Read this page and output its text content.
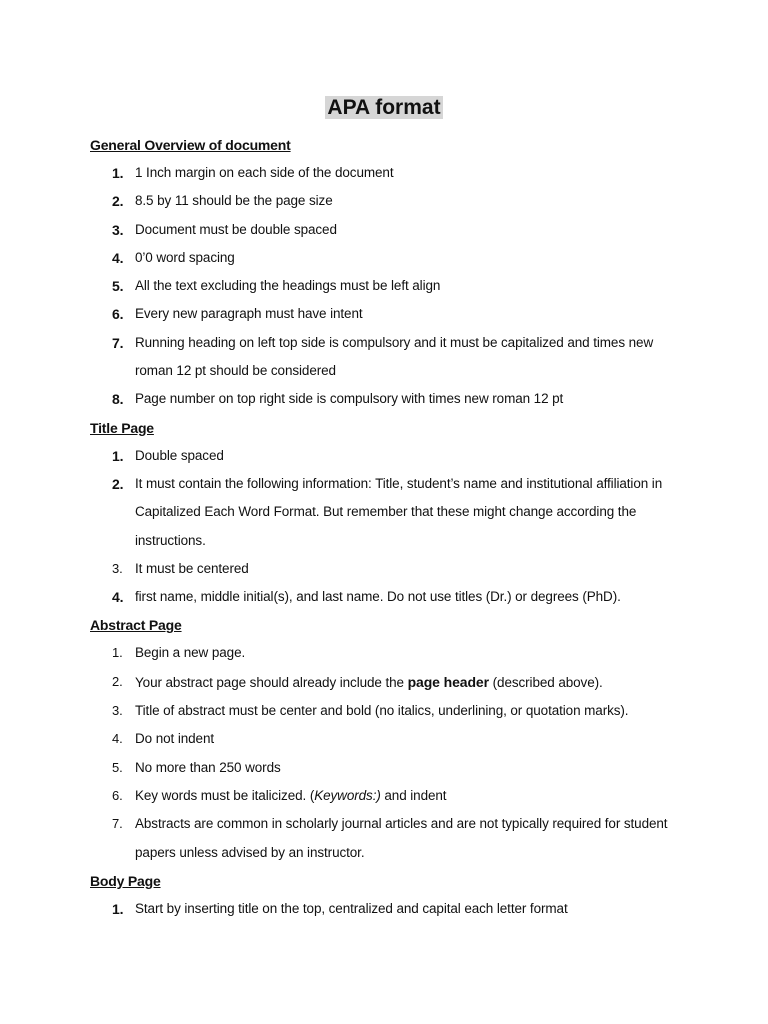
APA format
General Overview of document
1. 1 Inch margin on each side of the document
2. 8.5 by 11 should be the page size
3. Document must be double spaced
4. 0’0 word spacing
5. All the text excluding the headings must be left align
6. Every new paragraph must have intent
7. Running heading on left top side is compulsory and it must be capitalized and times new roman 12 pt should be considered
8. Page number on top right side is compulsory with times new roman 12 pt
Title Page
1. Double spaced
2. It must contain the following information: Title, student’s name and institutional affiliation in Capitalized Each Word Format. But remember that these might change according the instructions.
3. It must be centered
4. first name, middle initial(s), and last name. Do not use titles (Dr.) or degrees (PhD).
Abstract Page
1. Begin a new page.
2. Your abstract page should already include the page header (described above).
3. Title of abstract must be center and bold (no italics, underlining, or quotation marks).
4. Do not indent
5. No more than 250 words
6. Key words must be italicized. (Keywords:) and indent
7. Abstracts are common in scholarly journal articles and are not typically required for student papers unless advised by an instructor.
Body Page
1. Start by inserting title on the top, centralized and capital each letter format
